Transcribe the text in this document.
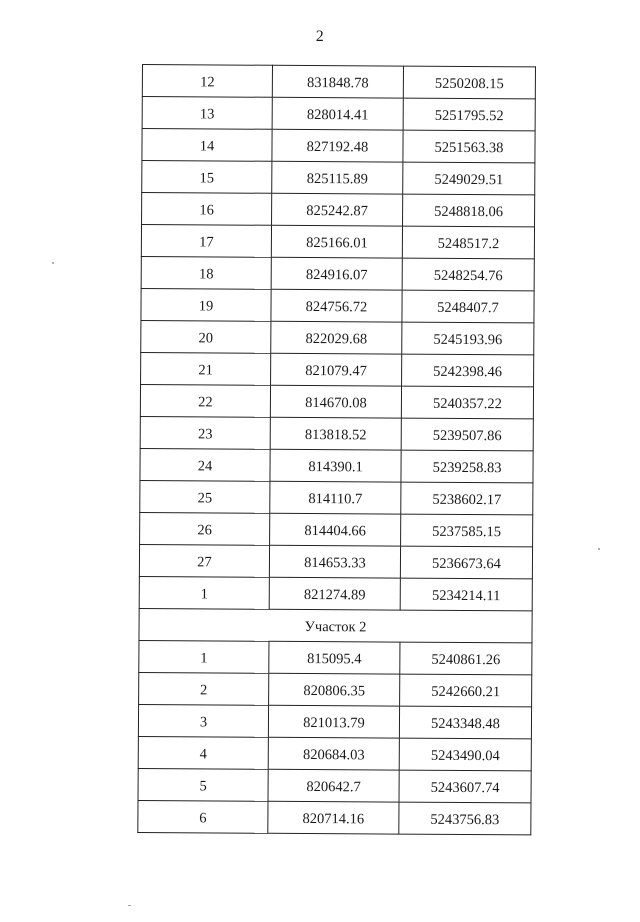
2
12	831848.78	5250208.15
13	828014.41	5251795.52
14	827192.48	5251563.38
15	825115.89	5249029.51
16	825242.87	5248818.06
17	825166.01	5248517.2
18	824916.07	5248254.76
19	824756.72	5248407.7
20	822029.68	5245193.96
21	821079.47	5242398.46
22	814670.08	5240357.22
23	813818.52	5239507.86
24	814390.1	5239258.83
25	814110.7	5238602.17
26	814404.66	5237585.15
27	814653.33	5236673.64
1	821274.89	5234214.11
Участок 2		
1	815095.4	5240861.26
2	820806.35	5242660.21
3	821013.79	5243348.48
4	820684.03	5243490.04
5	820642.7	5243607.74
6	820714.16	5243756.83
